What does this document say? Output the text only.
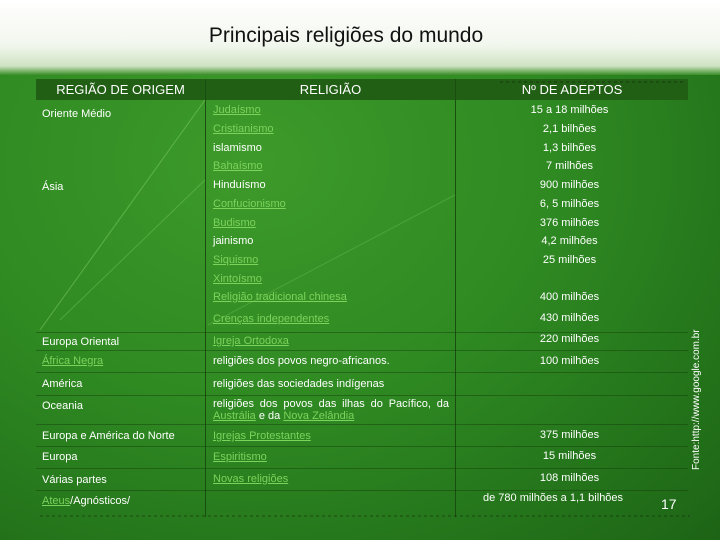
Principais religiões do mundo
REGIÃO DE ORIGEM	RELIGIÃO	Nº DE ADEPTOS
Oriente Médio
Ásia
Europa Oriental
África Negra
América
Oceania
Europa e América do Norte
Europa
Várias partes
Ateus/Agnósticos/
Judaísmo
Cristianismo
islamismo
Bahaísmo
Hinduísmo
Confucionismo
Budismo
jainismo
Siquismo
Xintoísmo
Religião tradicional chinesa
Crenças independentes
Igreja Ortodoxa
religiões dos povos negro-africanos.
religiões das sociedades indígenas
religiões dos povos das ilhas do Pacífico, da Austrália e da Nova Zelândia
Igrejas Protestantes
Espiritismo
Novas religiões
15 a 18 milhões
2,1 bilhões
1,3 bilhões
7 milhões
900 milhões
6, 5 milhões
376 milhões
4,2 milhões
25 milhões
400 milhões
430 milhões
220 milhões
100 milhões
375 milhões
15 milhões
108 milhões
de 780 milhões a 1,1 bilhões
Fonte:http://www.google.com.br
17
